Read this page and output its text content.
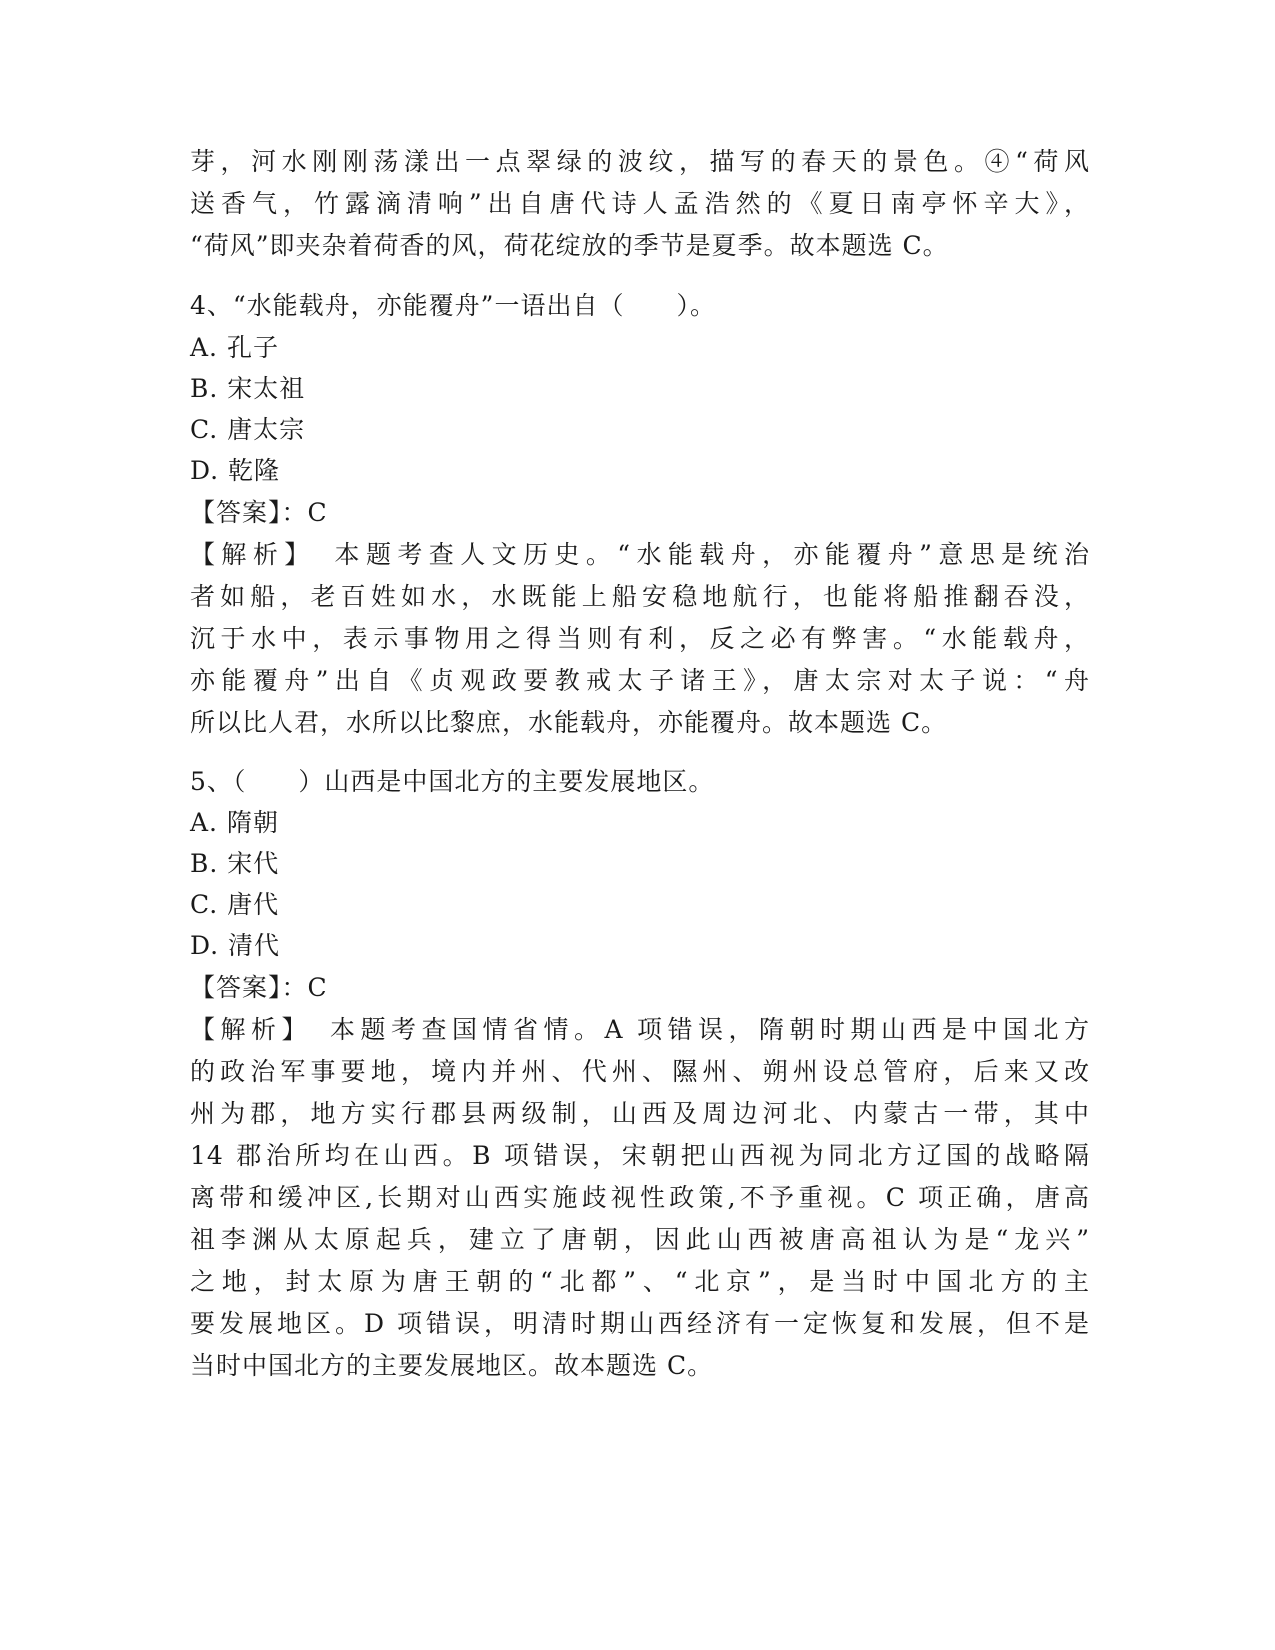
芽，河水刚刚荡漾出一点翠绿的波纹，描写的春天的景色。④“荷风
送香气，竹露滴清响”出自唐代诗人孟浩然的《夏日南亭怀辛大》，
“荷风”即夹杂着荷香的风，荷花绽放的季节是夏季。故本题选 C。
4、“水能载舟，亦能覆舟”一语出自（　　）。
A. 孔子
B. 宋太祖
C. 唐太宗
D. 乾隆
【答案】：C
【解析】　本题考查人文历史。“水能载舟，亦能覆舟”意思是统治
者如船，老百姓如水，水既能上船安稳地航行，也能将船推翻吞没，
沉于水中，表示事物用之得当则有利，反之必有弊害。“水能载舟，
亦能覆舟”出自《贞观政要教戒太子诸王》，唐太宗对太子说：“舟
所以比人君，水所以比黎庶，水能载舟，亦能覆舟。故本题选 C。
5、（　　）山西是中国北方的主要发展地区。
A. 隋朝
B. 宋代
C. 唐代
D. 清代
【答案】：C
【解析】　本题考查国情省情。A 项错误，隋朝时期山西是中国北方
的政治军事要地，境内并州、代州、隰州、朔州设总管府，后来又改
州为郡，地方实行郡县两级制，山西及周边河北、内蒙古一带，其中
14 郡治所均在山西。B 项错误，宋朝把山西视为同北方辽国的战略隔
离带和缓冲区,长期对山西实施歧视性政策,不予重视。C 项正确，唐高
祖李渊从太原起兵，建立了唐朝，因此山西被唐高祖认为是“龙兴”
之地，封太原为唐王朝的“北都”、“北京”，是当时中国北方的主
要发展地区。D 项错误，明清时期山西经济有一定恢复和发展，但不是
当时中国北方的主要发展地区。故本题选 C。
